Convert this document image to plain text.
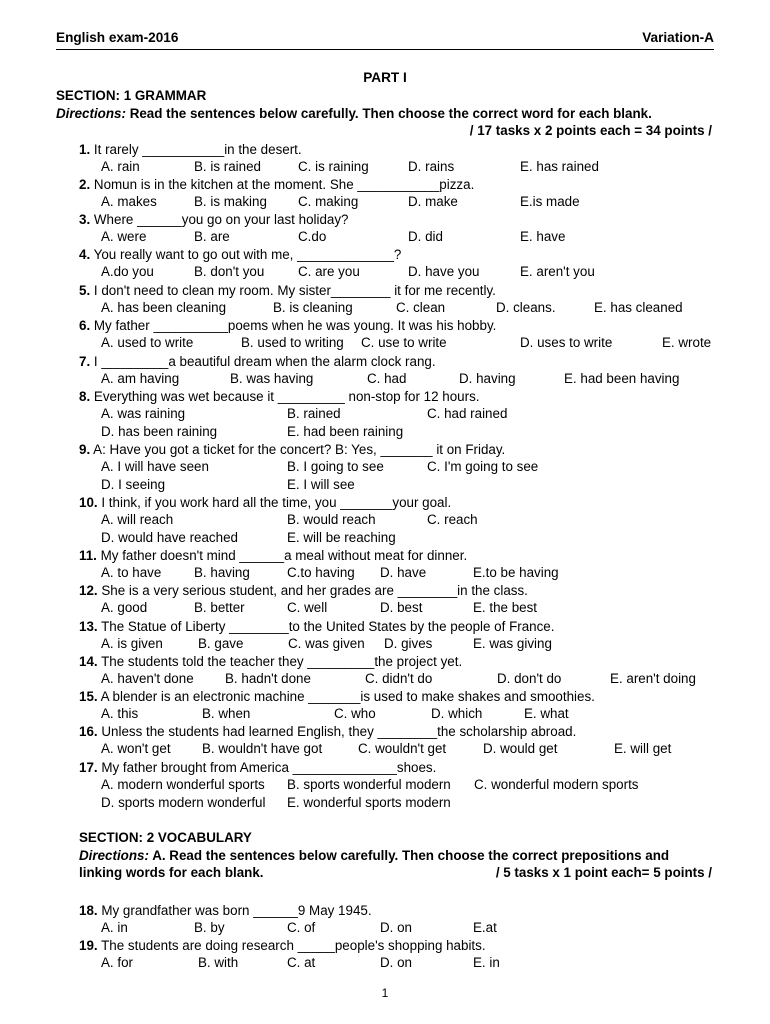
English exam-2016	Variation-A
PART I
SECTION: 1 GRAMMAR
Directions: Read the sentences below carefully. Then choose the correct word for each blank.
/ 17 tasks x 2 points each = 34 points /
1. It rarely ___________in the desert.
A. rain	B. is rained	C. is raining	D. rains	E. has rained
2. Nomun is in the kitchen at the moment. She ___________pizza.
A. makes	B. is making C. making	D. make	E.is made
3. Where ______you go on your last holiday?
A. were	B. are	C.do	D. did	E. have
4. You really want to go out with me, _____________?
A.do you	B. don't you	C. are you	D. have you	E. aren't you
5. I don't need to clean my room. My sister________ it for me recently.
A. has been cleaning	B. is cleaning	C. clean	D. cleans.	E. has cleaned
6. My father __________poems when he was young. It was his hobby.
A. used to write	B. used to writing C. use to write	D. uses to write	E. wrote
7. I _________a beautiful dream when the alarm clock rang.
A. am having	B. was having	C. had	D. having	E. had been having
8. Everything was wet because it _________ non-stop for 12 hours.
A. was raining	B. rained	C. had rained
D. has been raining	E. had been raining
9. A: Have you got a ticket for the concert? B: Yes, _______ it on Friday.
A. I will have seen	B. I going to see	C. I'm going to see
D. I seeing	E. I will see
10. I think, if you work hard all the time, you _______your goal.
A. will reach	B. would reach	C. reach
D. would have reached	E. will be reaching
11. My father doesn't mind ______a meal without meat for dinner.
A. to have B. having	C.to having D. have	E.to be having
12. She is a very serious student, and her grades are ________in the class.
A. good	B. better	C. well	D. best	E. the best
13. The Statue of Liberty ________to the United States by the people of France.
A. is given	B. gave	C. was given D. gives	E. was giving
14. The students told the teacher they _________the project yet.
A. haven't done B. hadn't done	C. didn't do	D. don't do	E. aren't doing
15. A blender is an electronic machine _______is used to make shakes and smoothies.
A. this	B. when	C. who	D. which	E. what
16. Unless the students had learned English, they ________the scholarship abroad.
A. won't get B. wouldn't have got	C. wouldn't get	D. would get	E. will get
17. My father brought from America ______________shoes.
A. modern wonderful sports B. sports wonderful modern C. wonderful modern sports
D. sports modern wonderful E. wonderful sports modern
SECTION: 2 VOCABULARY
Directions: A. Read the sentences below carefully. Then choose the correct prepositions and
linking words for each blank.	/ 5 tasks x 1 point each= 5 points /
18. My grandfather was born ______9 May 1945.
A. in	B. by	C. of	D. on	E.at
19. The students are doing research _____people's shopping habits.
A. for	B. with	C. at	D. on	E. in
1
